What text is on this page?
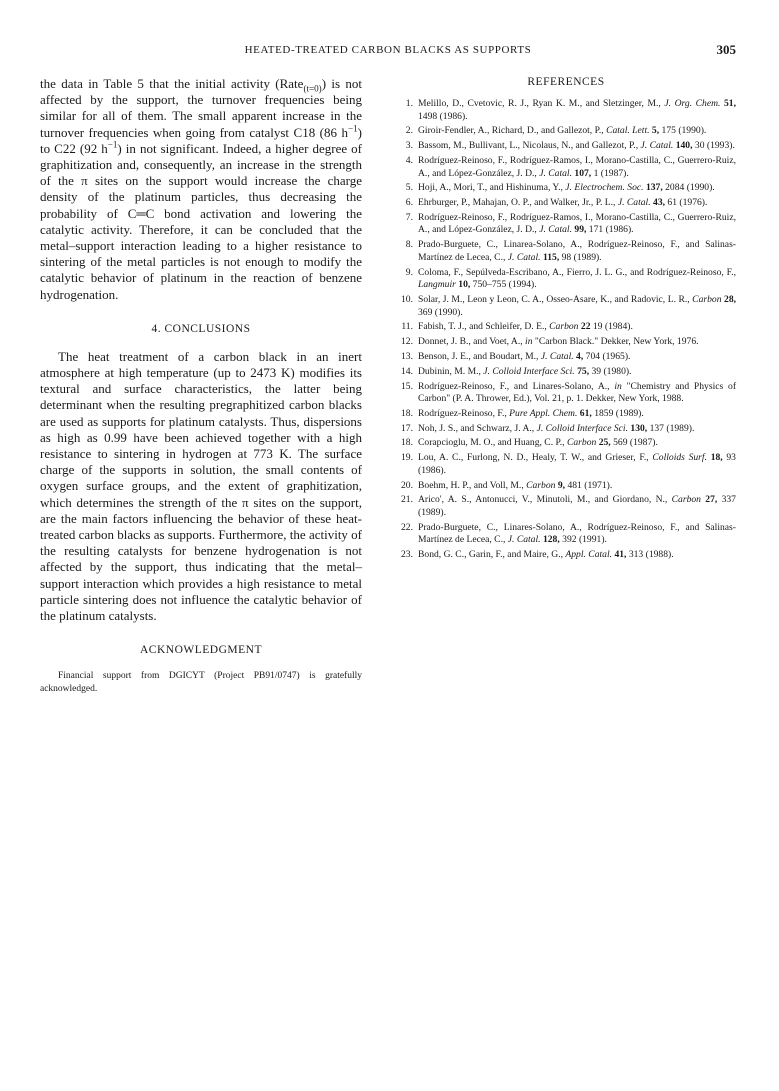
HEATED-TREATED CARBON BLACKS AS SUPPORTS	305

the data in Table 5 that the initial activity (Rate$_{(t=0)}$) is not affected by the support, the turnover frequencies being similar for all of them. The small apparent increase in the turnover frequencies when going from catalyst C18 (86 $h^{-1}$) to C22 (92 $h^{-1}$) in not significant. Indeed, a higher degree of graphitization and, consequently, an increase in the strength of the π sites on the support would increase the charge density of the platinum particles, thus decreasing the probability of C═C bond activation and lowering the catalytic activity. Therefore, it can be concluded that the metal–support interaction leading to a higher resistance to sintering of the metal particles is not enough to modify the catalytic behavior of platinum in the reaction of benzene hydrogenation.

4. CONCLUSIONS

The heat treatment of a carbon black in an inert atmosphere at high temperature (up to 2473 K) modifies its textural and surface characteristics, the latter being determinant when the resulting pregraphitized carbon blacks are used as supports for platinum catalysts. Thus, dispersions as high as 0.99 have been achieved together with a high resistance to sintering in hydrogen at 773 K. The surface charge of the supports in solution, the small contents of oxygen surface groups, and the extent of graphitization, which determines the strength of the π sites on the support, are the main factors influencing the behavior of these heat-treated carbon blacks as supports. Furthermore, the activity of the resulting catalysts for benzene hydrogenation is not affected by the support, thus indicating that the metal–support interaction which provides a high resistance to metal particle sintering does not influence the catalytic behavior of the platinum catalysts.

ACKNOWLEDGMENT

Financial support from DGICYT (Project PB91/0747) is gratefully acknowledged.

REFERENCES
1. Melillo, D., Cvetovic, R. J., Ryan K. M., and Sletzinger, M., J. Org. Chem. 51, 1498 (1986).
2. Giroir-Fendler, A., Richard, D., and Gallezot, P., Catal. Lett. 5, 175 (1990).
3. Bassom, M., Bullivant, L., Nicolaus, N., and Gallezot, P., J. Catal. 140, 30 (1993).
4. Rodríguez-Reinoso, F., Rodríguez-Ramos, I., Morano-Castilla, C., Guerrero-Ruiz, A., and López-González, J. D., J. Catal. 107, 1 (1987).
5. Hoji, A., Mori, T., and Hishinuma, Y., J. Electrochem. Soc. 137, 2084 (1990).
6. Ehrburger, P., Mahajan, O. P., and Walker, Jr., P. L., J. Catal. 43, 61 (1976).
7. Rodríguez-Reinoso, F., Rodríguez-Ramos, I., Morano-Castilla, C., Guerrero-Ruiz, A., and López-González, J. D., J. Catal. 99, 171 (1986).
8. Prado-Burguete, C., Linarea-Solano, A., Rodríguez-Reinoso, F., and Salinas-Martínez de Lecea, C., J. Catal. 115, 98 (1989).
9. Coloma, F., Sepúlveda-Escribano, A., Fierro, J. L. G., and Rodríguez-Reinoso, F., Langmuir 10, 750–755 (1994).
10. Solar, J. M., Leon y Leon, C. A., Osseo-Asare, K., and Radovic, L. R., Carbon 28, 369 (1990).
11. Fabish, T. J., and Schleifer, D. E., Carbon 22 19 (1984).
12. Donnet, J. B., and Voet, A., in "Carbon Black." Dekker, New York, 1976.
13. Benson, J. E., and Boudart, M., J. Catal. 4, 704 (1965).
14. Dubinin, M. M., J. Colloid Interface Sci. 75, 39 (1980).
15. Rodríguez-Reinoso, F., and Linares-Solano, A., in "Chemistry and Physics of Carbon" (P. A. Thrower, Ed.), Vol. 21, p. 1. Dekker, New York, 1988.
18. Rodríguez-Reinoso, F., Pure Appl. Chem. 61, 1859 (1989).
17. Noh, J. S., and Schwarz, J. A., J. Colloid Interface Sci. 130, 137 (1989).
18. Corapcioglu, M. O., and Huang, C. P., Carbon 25, 569 (1987).
19. Lou, A. C., Furlong, N. D., Healy, T. W., and Grieser, F., Colloids Surf. 18, 93 (1986).
20. Boehm, H. P., and Voll, M., Carbon 9, 481 (1971).
21. Arico', A. S., Antonucci, V., Minutoli, M., and Giordano, N., Carbon 27, 337 (1989).
22. Prado-Burguete, C., Linares-Solano, A., Rodríguez-Reinoso, F., and Salinas-Martínez de Lecea, C., J. Catal. 128, 392 (1991).
23. Bond, G. C., Garin, F., and Maire, G., Appl. Catal. 41, 313 (1988).
